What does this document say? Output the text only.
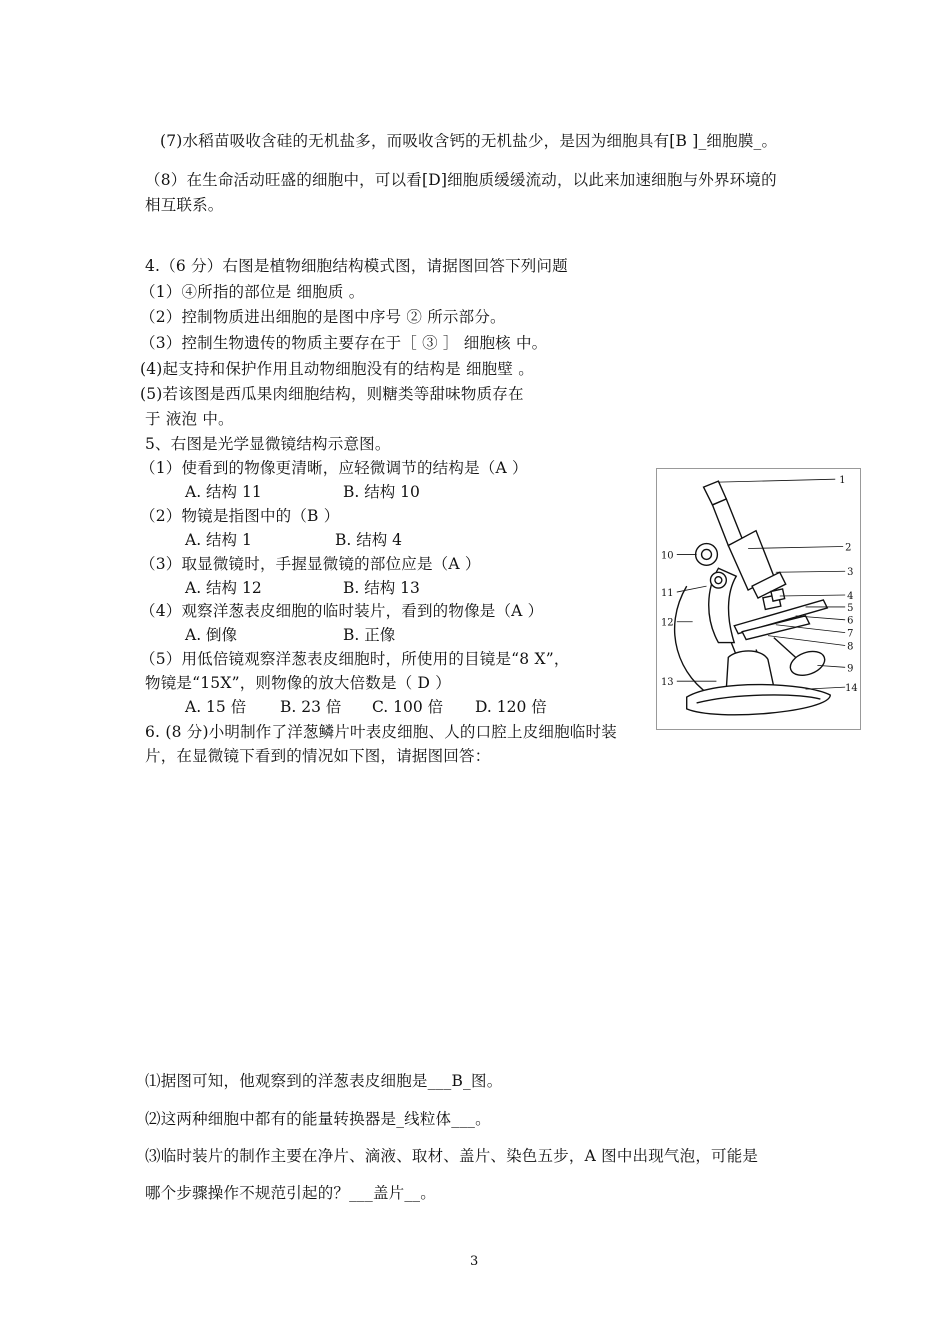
(7)水稻苗吸收含硅的无机盐多，而吸收含钙的无机盐少，是因为细胞具有[B ]_细胞膜_。
（8）在生命活动旺盛的细胞中，可以看[D]细胞质缓缓流动，以此来加速细胞与外界环境的
相互联系。
4.（6 分）右图是植物细胞结构模式图，请据图回答下列问题
（1）④所指的部位是 细胞质 。
（2）控制物质进出细胞的是图中序号 ② 所示部分。
（3）控制生物遗传的物质主要存在于［ ③ ］ 细胞核 中。
(4)起支持和保护作用且动物细胞没有的结构是 细胞壁 。
(5)若该图是西瓜果肉细胞结构，则糖类等甜味物质存在
于 液泡 中。
5、右图是光学显微镜结构示意图。
（1）使看到的物像更清晰，应轻微调节的结构是（A ）
A. 结构 11	B. 结构 10
（2）物镜是指图中的（B ）
A. 结构 1	B. 结构 4
（3）取显微镜时，手握显微镜的部位应是（A ）
A. 结构 12	B. 结构 13
（4）观察洋葱表皮细胞的临时装片，看到的物像是（A ）
A. 倒像	B. 正像
（5）用低倍镜观察洋葱表皮细胞时，所使用的目镜是“8 X”，
物镜是“15X”，则物像的放大倍数是（ D ）
A. 15 倍 B. 23 倍 C. 100 倍 D. 120 倍
1
2
3
4
5
6
7
8
9
10
11
12
13
14
6. (8 分)小明制作了洋葱鳞片叶表皮细胞、人的口腔上皮细胞临时装
片，在显微镜下看到的情况如下图，请据图回答：
⑴据图可知，他观察到的洋葱表皮细胞是___B_图。
⑵这两种细胞中都有的能量转换器是_线粒体___。
⑶临时装片的制作主要在净片、滴液、取材、盖片、染色五步，A 图中出现气泡，可能是
哪个步骤操作不规范引起的？___盖片__。
3
